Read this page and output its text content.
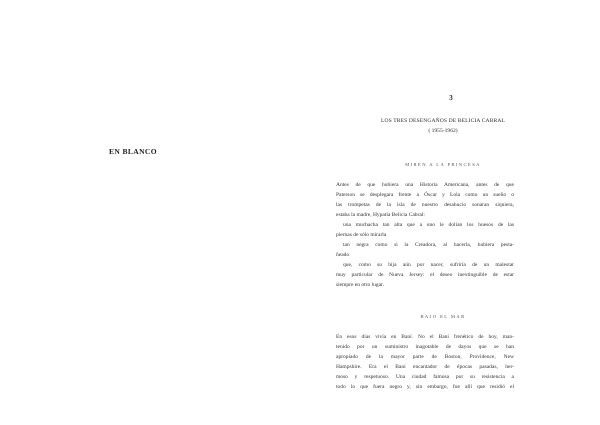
EN BLANCO
3
LOS TRES DESENGAÑOS DE BELICIA CABRAL
( 1955-1962)
MIREN A LA PRINCESA
Antes de que hubiera una Historia Americana, antes de que
Paterson se desplegara frente a Óscar y Lola como un sueño o
las trompetas de la isla de nuestro desahucio sonaran siquiera,
estaba la madre, Hypatía Belicia Cabral:
una muchacha tan alta que a uno le dolían los huesos de las
piernas de sólo mirarla
tan negra como si la Creadora, al hacerla, hubiera pesta-
ñeado
que, como su hija aún por nacer, sufriría de un malestar
muy particular de Nueva Jersey: el deseo inextinguible de estar
siempre en otro lugar.
BAJO EL MAR
En esos días vivía en Baní. No el Baní frenético de hoy, man-
tenido por un suministro inagotable de dayos que se han
apropiado de la mayor parte de Boston, Providence, New
Hampshire. Era el Baní encantador de épocas pasadas, her-
moso y respetuoso. Una ciudad famosa por su resistencia a
todo lo que fuera negro y, sin embargo, fue allí que residió el
